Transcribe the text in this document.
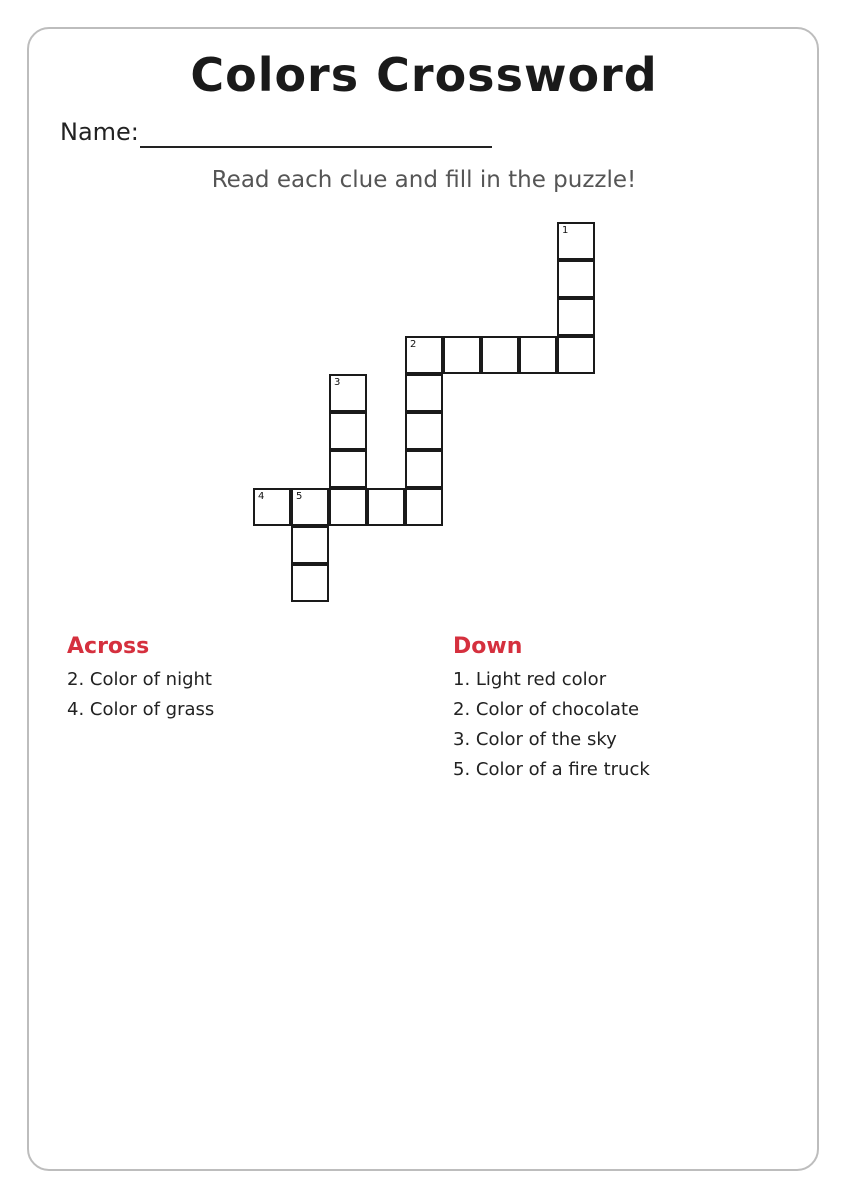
Colors Crossword
Name:
Read each clue and fill in the puzzle!
1
2
3
4	5
Across
2. Color of night
4. Color of grass
Down
1. Light red color
2. Color of chocolate
3. Color of the sky
5. Color of a fire truck
